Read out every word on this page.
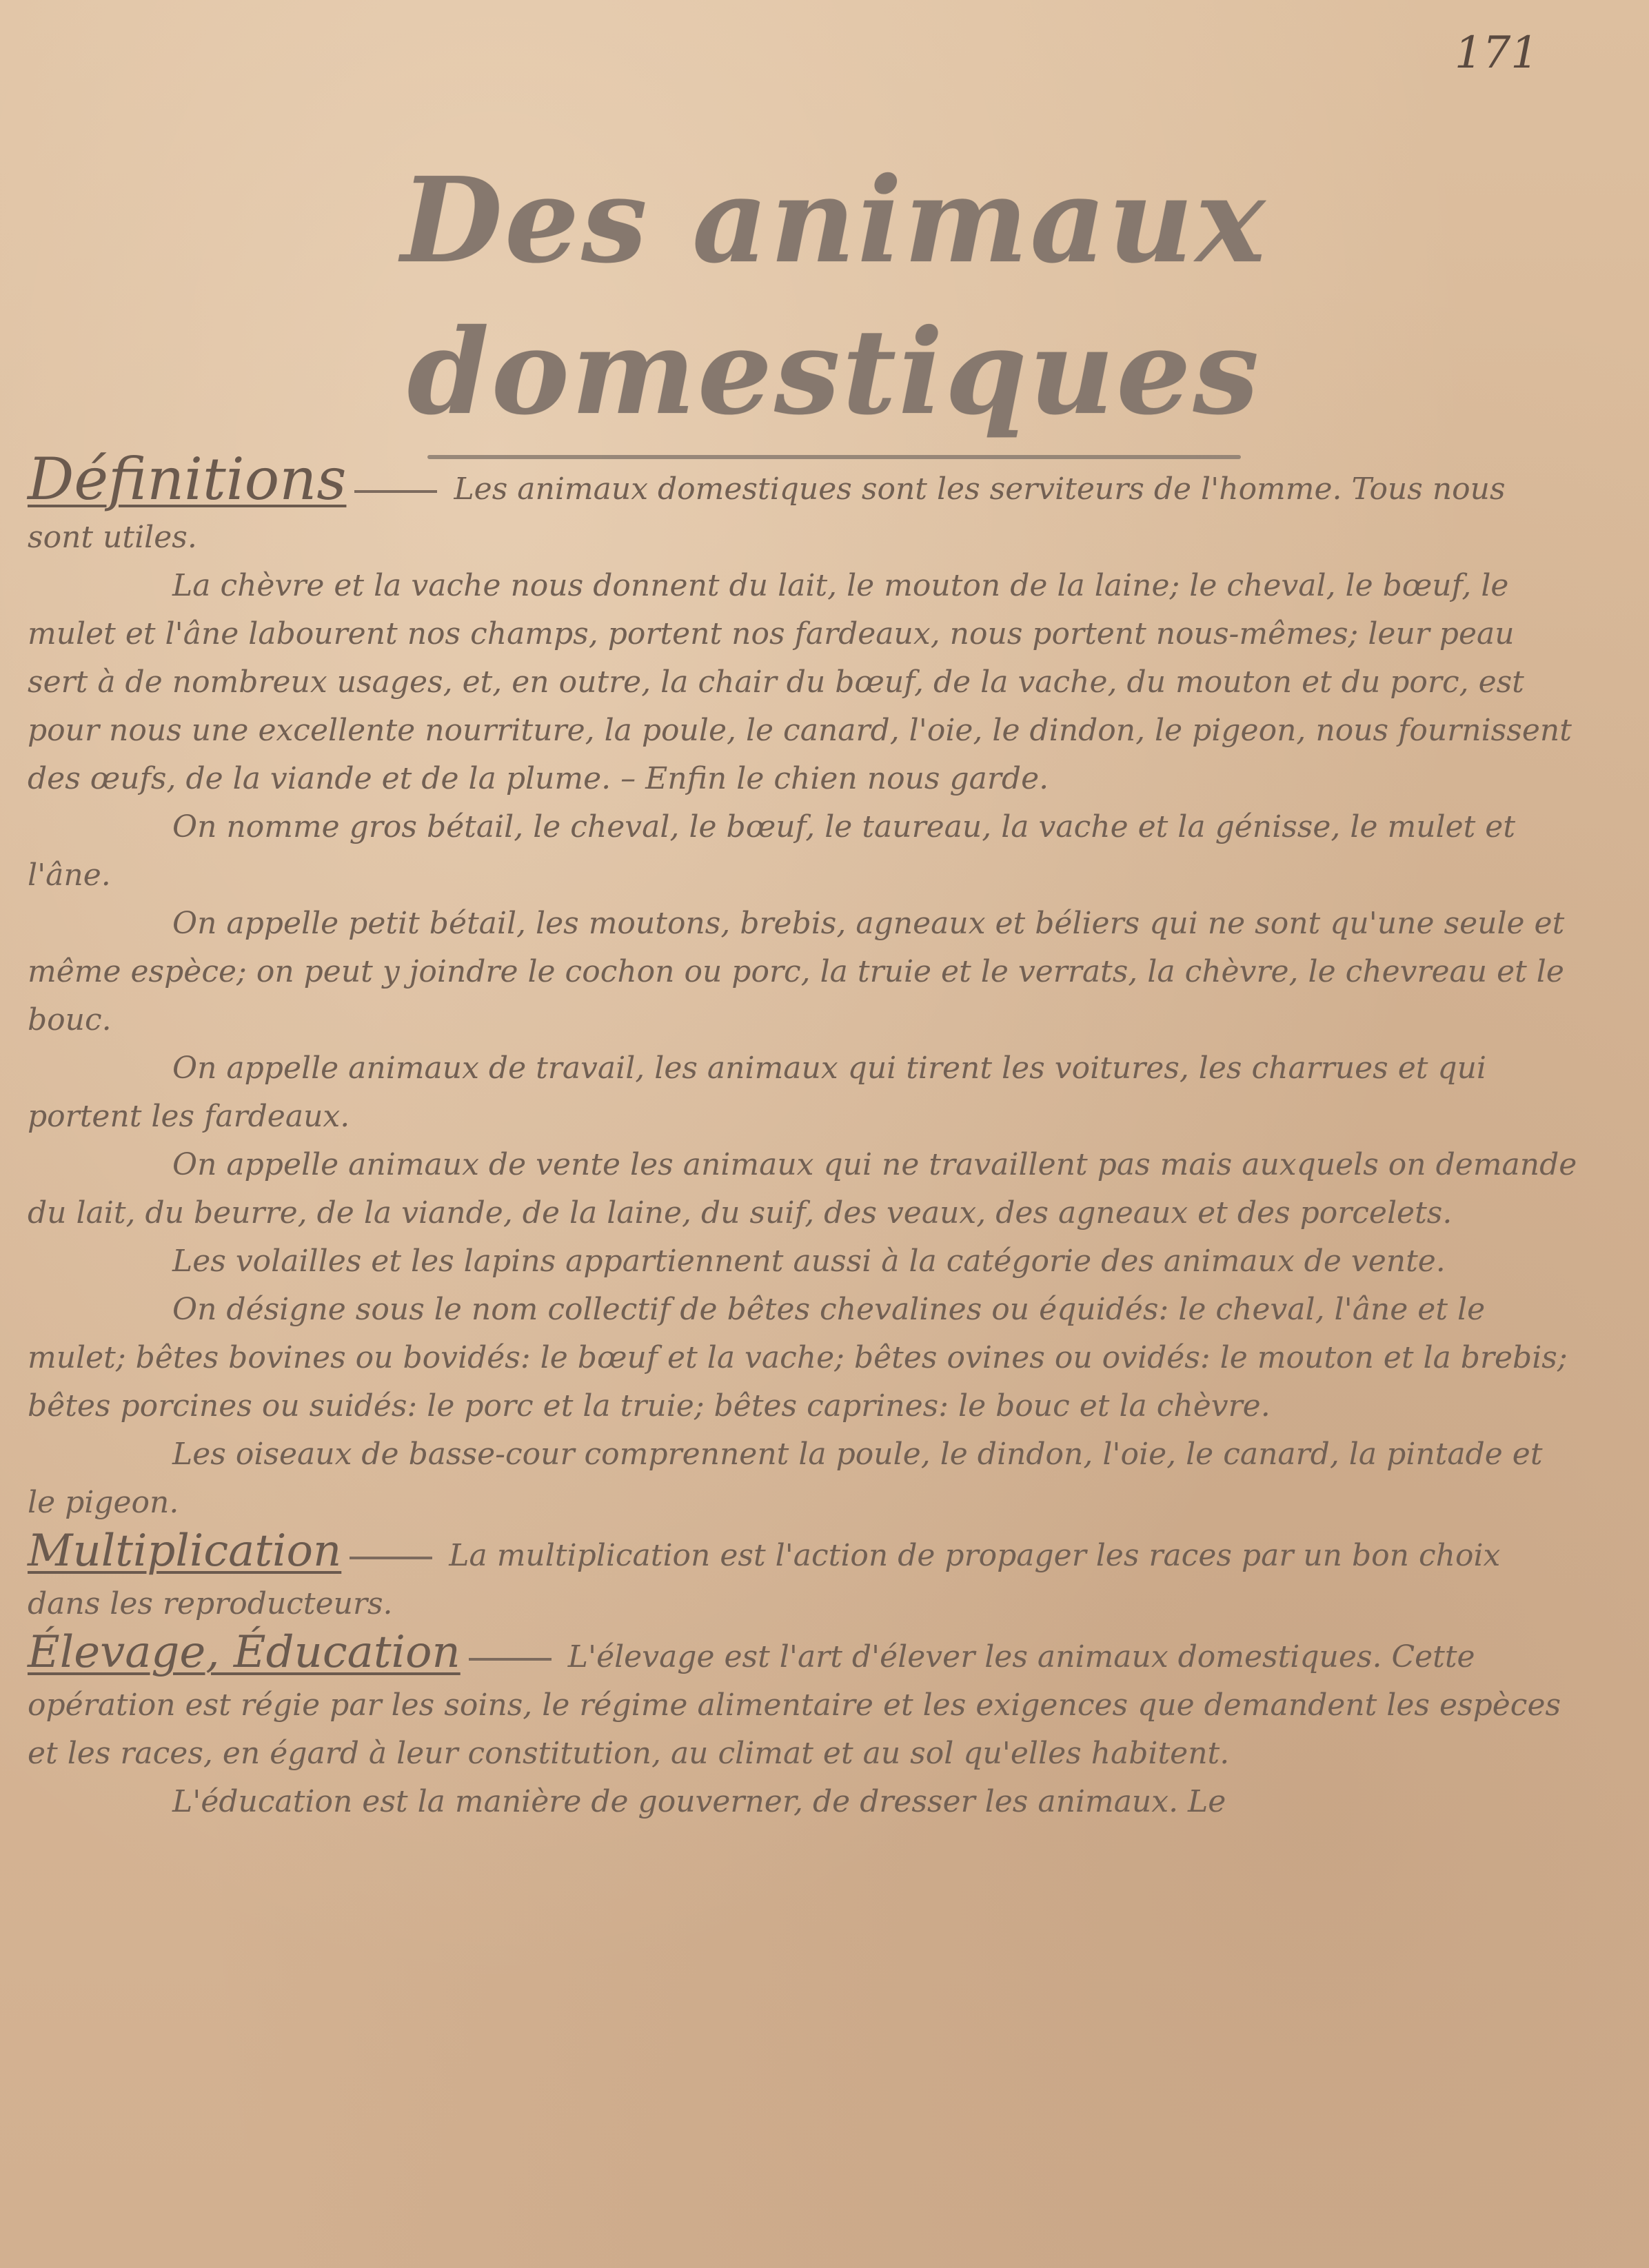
171
Des animaux domestiques

Définitions	Les animaux domestiques sont les serviteurs de l'homme. Tous nous sont utiles.

La chèvre et la vache nous donnent du lait, le mouton de la laine; le cheval, le bœuf, le mulet et l'âne labourent nos champs, portent nos fardeaux, nous portent nous-mêmes; leur peau sert à de nombreux usages, et, en outre, la chair du bœuf, de la vache, du mouton et du porc, est pour nous une excellente nourriture, la poule, le canard, l'oie, le dindon, le pigeon, nous fournissent des œufs, de la viande et de la plume. – Enfin le chien nous garde.

On nomme gros bétail, le cheval, le bœuf, le taureau, la vache et la génisse, le mulet et l'âne.

On appelle petit bétail, les moutons, brebis, agneaux et béliers qui ne sont qu'une seule et même espèce; on peut y joindre le cochon ou porc, la truie et le verrats, la chèvre, le chevreau et le bouc.

On appelle animaux de travail, les animaux qui tirent les voitures, les charrues et qui portent les fardeaux.

On appelle animaux de vente les animaux qui ne travaillent pas mais auxquels on demande du lait, du beurre, de la viande, de la laine, du suif, des veaux, des agneaux et des porcelets.

Les volailles et les lapins appartiennent aussi à la catégorie des animaux de vente.

On désigne sous le nom collectif de bêtes chevalines ou équidés: le cheval, l'âne et le mulet; bêtes bovines ou bovidés: le bœuf et la vache; bêtes ovines ou ovidés: le mouton et la brebis; bêtes porcines ou suidés: le porc et la truie; bêtes caprines: le bouc et la chèvre.

Les oiseaux de basse-cour comprennent la poule, le dindon, l'oie, le canard, la pintade et le pigeon.

Multiplication	La multiplication est l'action de propager les races par un bon choix dans les reproducteurs.

Élevage, Éducation	L'élevage est l'art d'élever les animaux domestiques. Cette opération est régie par les soins, le régime alimentaire et les exigences que demandent les espèces et les races, en égard à leur constitution, au climat et au sol qu'elles habitent.

L'éducation est la manière de gouverner, de dresser les animaux. Le
